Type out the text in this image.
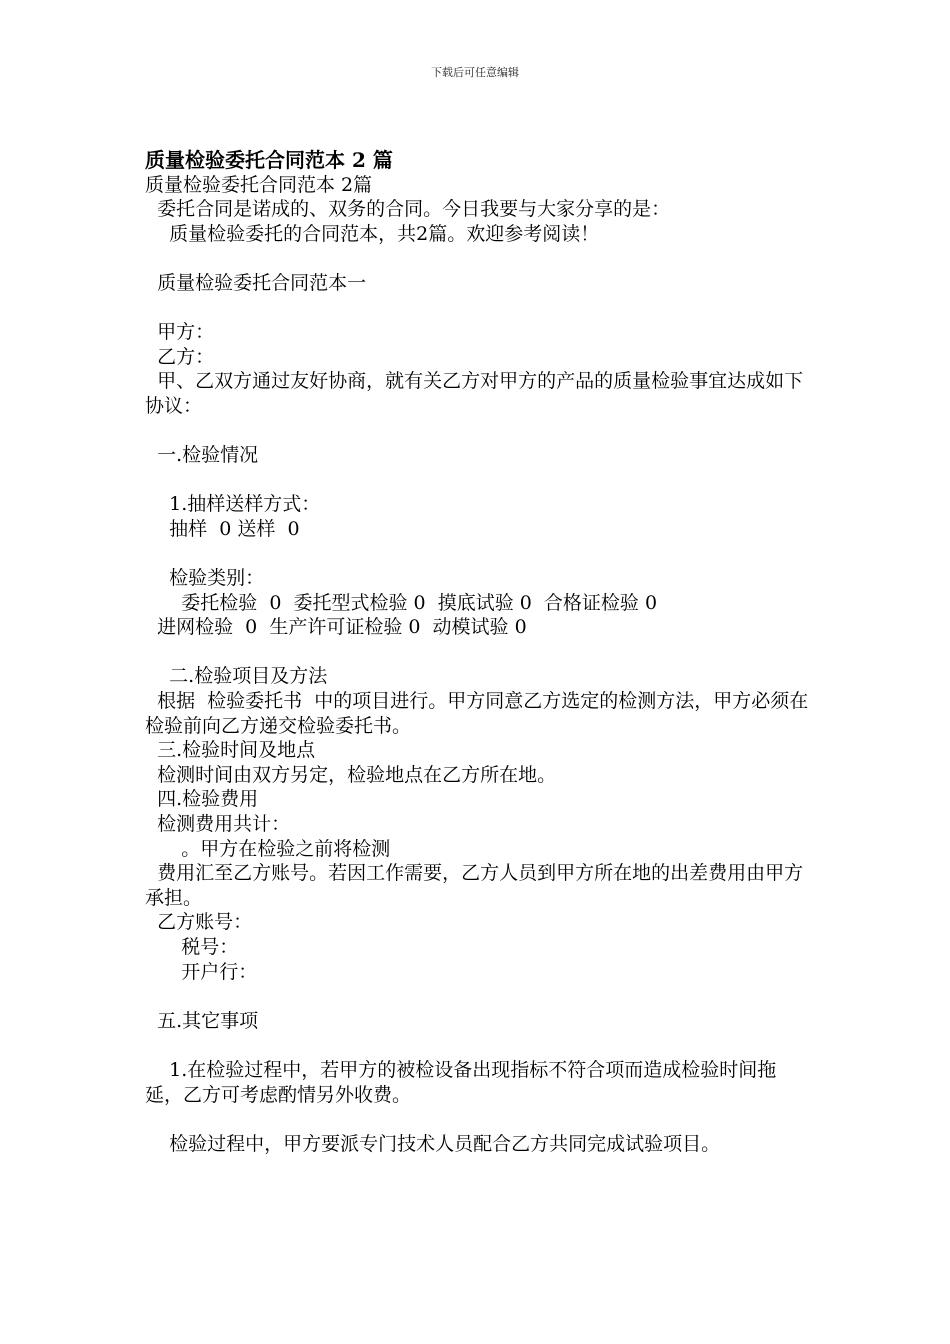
下载后可任意编辑

质量检验委托合同范本 2 篇

质量检验委托合同范本 2篇

委托合同是诺成的、双务的合同。今日我要与大家分享的是：

质量检验委托的合同范本，共2篇。欢迎参考阅读！

质量检验委托合同范本一

甲方：

乙方：

甲、乙双方通过友好协商，就有关乙方对甲方的产品的质量检验事宜达成如下协议：

一.检验情况

1.抽样送样方式：

抽样  0 送样  0

检验类别：

委托检验  0  委托型式检验 0  摸底试验 0  合格证检验 0

进网检验  0  生产许可证检验 0  动模试验 0

二.检验项目及方法

根据  检验委托书  中的项目进行。甲方同意乙方选定的检测方法，甲方必须在检验前向乙方递交检验委托书。

三.检验时间及地点

检测时间由双方另定，检验地点在乙方所在地。

四.检验费用

检测费用共计：

。甲方在检验之前将检测

费用汇至乙方账号。若因工作需要，乙方人员到甲方所在地的出差费用由甲方承担。

乙方账号：

税号：

开户行：

五.其它事项

1.在检验过程中，若甲方的被检设备出现指标不符合项而造成检验时间拖延，乙方可考虑酌情另外收费。

检验过程中，甲方要派专门技术人员配合乙方共同完成试验项目。
